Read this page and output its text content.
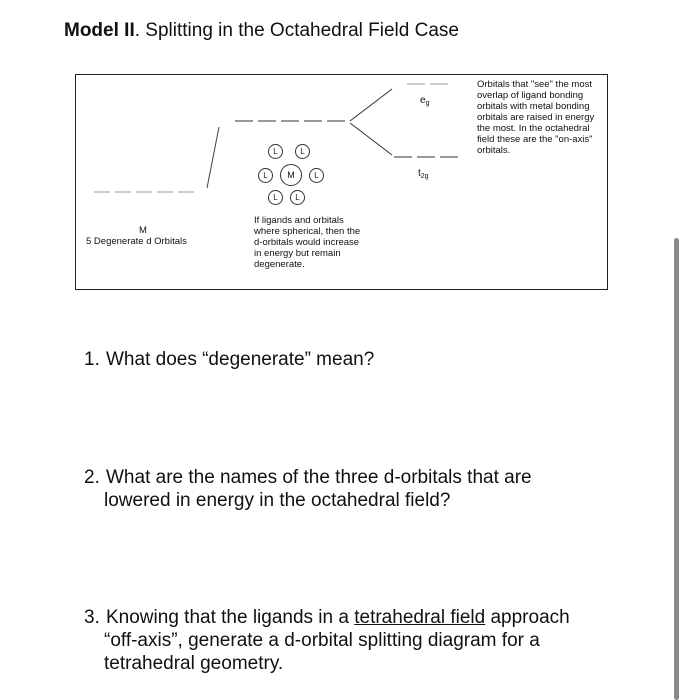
Model II. Splitting in the Octahedral Field Case
L	L
L	M	L
L	L
M
5 Degenerate d Orbitals
If ligands and orbitals where spherical, then the d-orbitals would increase in energy but remain degenerate.
$e_g$
$t_{2g}$
Orbitals that "see" the most overlap of ligand bonding orbitals with metal bonding orbitals are raised in energy the most. In the octahedral field these are the "on-axis" orbitals.
1. What does “degenerate” mean?
2. What are the names of the three d-orbitals that are
lowered in energy in the octahedral field?
3. Knowing that the ligands in a tetrahedral field approach
“off-axis”, generate a d-orbital splitting diagram for a
tetrahedral geometry.
